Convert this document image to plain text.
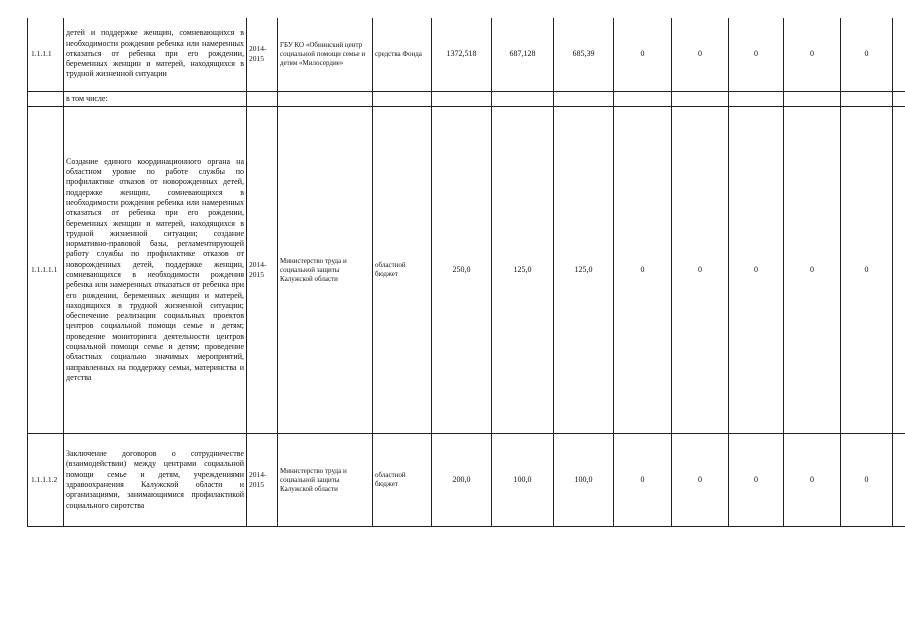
1.1.1.1	детей и поддержке женщин, сомневающихся в необходимости рождения ребенка или намеренных отказаться от ребенка при его рождении, беременных женщин и матерей, находящихся в трудной жизненной ситуации	2014-2015	ГБУ КО «Обнинский центр социальной помощи семье и детям «Милосердие»	средства Фонда	1372,518	687,128	685,39	0	0	0	0	0	
	в том числе:												
1.1.1.1.1	Создание единого координационного органа на областном уровне по работе службы по профилактике отказов от новорожденных детей, поддержке женщин, сомневающихся в необходимости рождения ребенка или намеренных отказаться от ребенка при его рождении, беременных женщин и матерей, находящихся в трудной жизненной ситуации; создание нормативно-правовой базы, регламентирующей работу службы по профилактике отказов от новорожденных детей, поддержке женщин, сомневающихся в необходимости рождения ребенка или намеренных отказаться от ребенка при его рождении, беременных женщин и матерей, находящихся в трудной жизненной ситуации; обеспечение реализации социальных проектов центров социальной помощи семье и детям; проведение мониторинга деятельности центров социальной помощи семье и детям; проведение областных социально значимых мероприятий, направленных на поддержку семьи, материнства и детства	2014-2015	Министерство труда и социальной защиты Калужской области	областной бюджет	250,0	125,0	125,0	0	0	0	0	0	
1.1.1.1.2	Заключение договоров о сотрудничестве (взаимодействии) между центрами социальной помощи семье и детям, учреждениями здравоохранения Калужской области и организациями, занимающимися профилактикой социального сиротства	2014-2015	Министерство труда и социальной защиты Калужской области	областной бюджет	200,0	100,0	100,0	0	0	0	0	0	
